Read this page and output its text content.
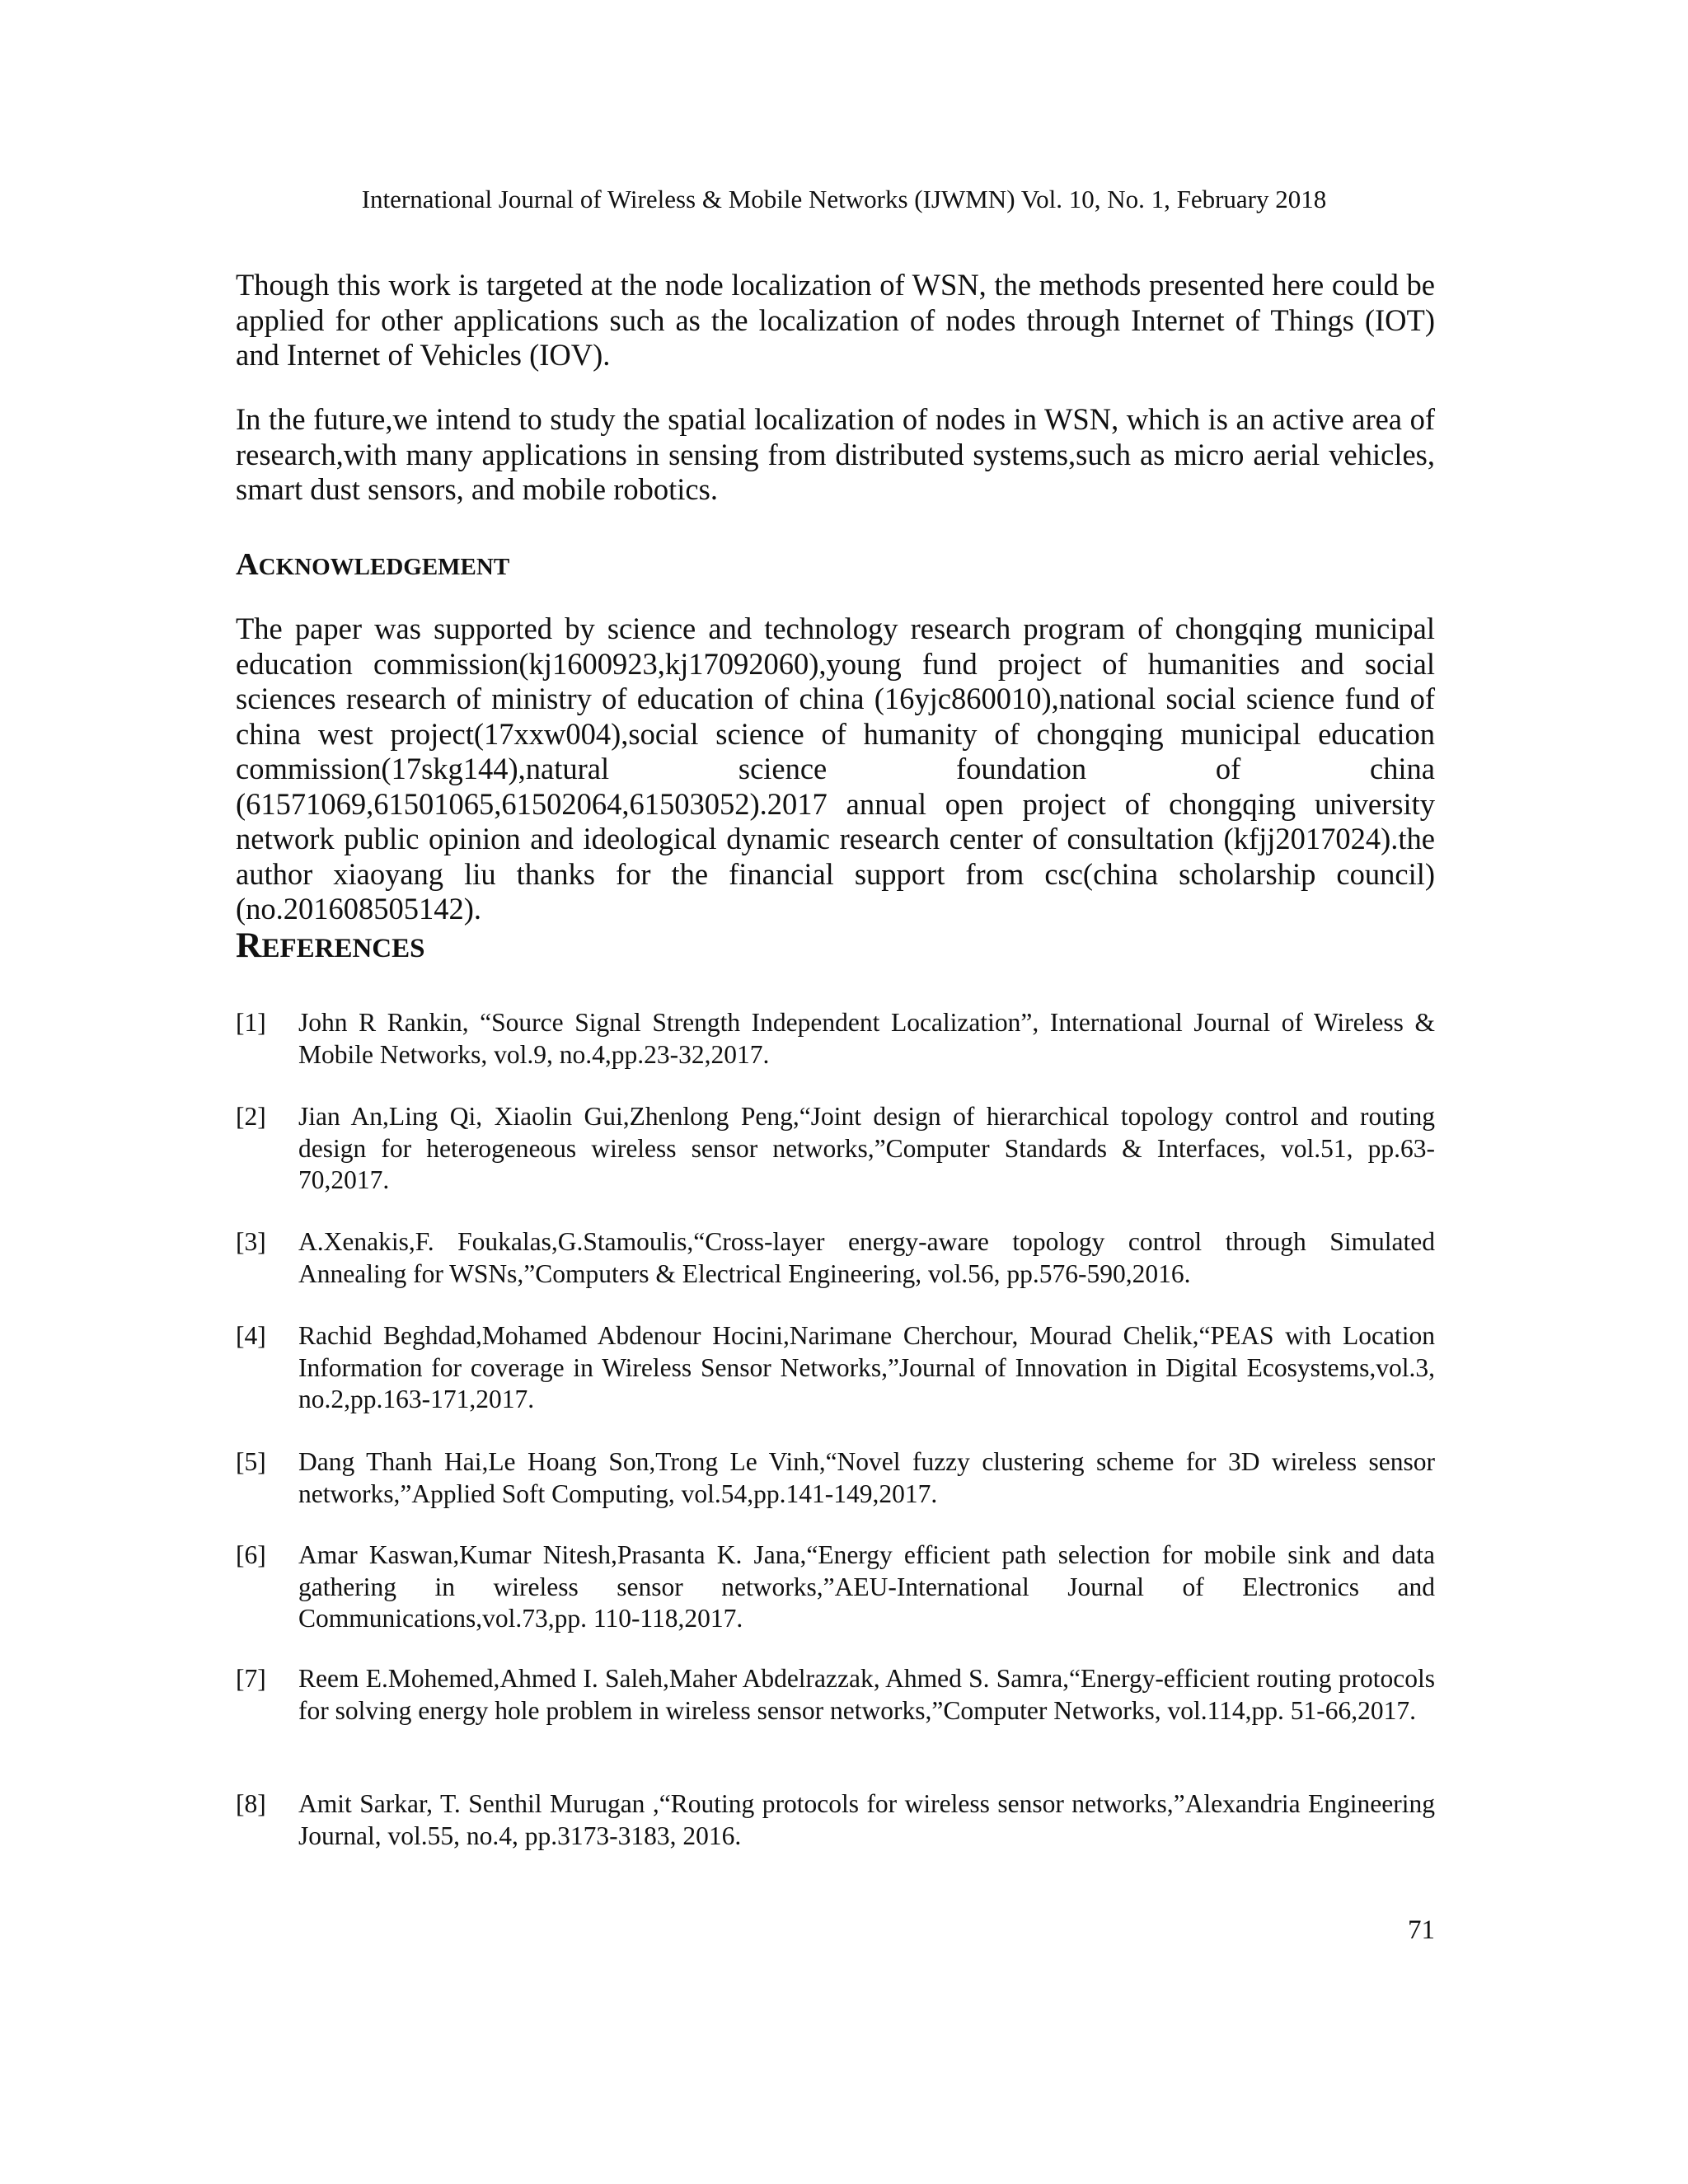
International Journal of Wireless & Mobile Networks (IJWMN) Vol. 10, No. 1, February 2018

Though this work is targeted at the node localization of WSN, the methods presented here could be applied for other applications such as the localization of nodes through Internet of Things (IOT) and Internet of Vehicles (IOV).

In the future,we intend to study the spatial localization of nodes in WSN, which is an active area of research,with many applications in sensing from distributed systems,such as micro aerial vehicles, smart dust sensors, and mobile robotics.

ACKNOWLEDGEMENT

The paper was supported by science and technology research program of chongqing municipal education commission(kj1600923,kj17092060),young fund project of humanities and social sciences research of ministry of education of china (16yjc860010),national social science fund of china west project(17xxw004),social science of humanity of chongqing municipal education commission(17skg144),natural science foundation of china (61571069,61501065,61502064,61503052).2017 annual open project of chongqing university network public opinion and ideological dynamic research center of consultation (kfjj2017024).the author xiaoyang liu thanks for the financial support from csc(china scholarship council)(no.201608505142).

REFERENCES
[1] John R Rankin, “Source Signal Strength Independent Localization”, International Journal of Wireless & Mobile Networks, vol.9, no.4,pp.23-32,2017.
[2] Jian An,Ling Qi, Xiaolin Gui,Zhenlong Peng,“Joint design of hierarchical topology control and routing design for heterogeneous wireless sensor networks,”Computer Standards & Interfaces, vol.51, pp.63-70,2017.
[3] A.Xenakis,F. Foukalas,G.Stamoulis,“Cross-layer energy-aware topology control through Simulated Annealing for WSNs,”Computers & Electrical Engineering, vol.56, pp.576-590,2016.
[4] Rachid Beghdad,Mohamed Abdenour Hocini,Narimane Cherchour, Mourad Chelik,“PEAS with Location Information for coverage in Wireless Sensor Networks,”Journal of Innovation in Digital Ecosystems,vol.3, no.2,pp.163-171,2017.
[5] Dang Thanh Hai,Le Hoang Son,Trong Le Vinh,“Novel fuzzy clustering scheme for 3D wireless sensor networks,”Applied Soft Computing, vol.54,pp.141-149,2017.
[6] Amar Kaswan,Kumar Nitesh,Prasanta K. Jana,“Energy efficient path selection for mobile sink and data gathering in wireless sensor networks,”AEU-International Journal of Electronics and Communications,vol.73,pp. 110-118,2017.
[7] Reem E.Mohemed,Ahmed I. Saleh,Maher Abdelrazzak, Ahmed S. Samra,“Energy-efficient routing protocols for solving energy hole problem in wireless sensor networks,”Computer Networks, vol.114,pp. 51-66,2017.
[8] Amit Sarkar, T. Senthil Murugan ,“Routing protocols for wireless sensor networks,”Alexandria Engineering Journal, vol.55, no.4, pp.3173-3183, 2016.
71
